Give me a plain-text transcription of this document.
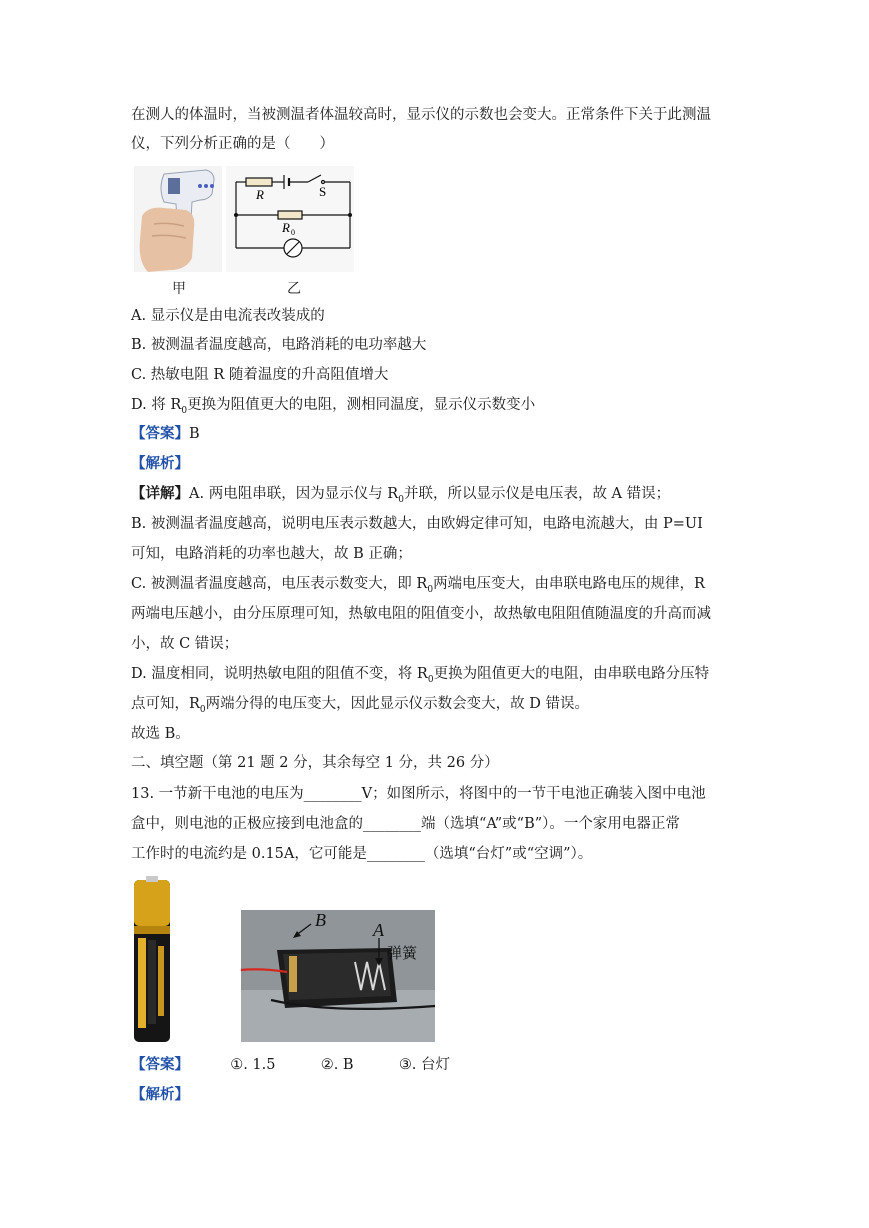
在测人的体温时，当被测温者体温较高时，显示仪的示数也会变大。正常条件下关于此测温
仪，下列分析正确的是（　　）
甲
R	S
R 0
乙
A. 显示仪是由电流表改装成的
B. 被测温者温度越高，电路消耗的电功率越大
C. 热敏电阻 R 随着温度的升高阻值增大
D. 将 $R_0$更换为阻值更大的电阻，测相同温度，显示仪示数变小
【答案】B
【解析】
【详解】A. 两电阻串联，因为显示仪与 $R_0$并联，所以显示仪是电压表，故 A 错误；
B. 被测温者温度越高，说明电压表示数越大，由欧姆定律可知，电路电流越大，由 P=UI
可知，电路消耗的功率也越大，故 B 正确；
C. 被测温者温度越高，电压表示数变大，即 $R_0$两端电压变大，由串联电路电压的规律，R
两端电压越小，由分压原理可知，热敏电阻的阻值变小，故热敏电阻阻值随温度的升高而减
小，故 C 错误；
D. 温度相同，说明热敏电阻的阻值不变，将 $R_0$更换为阻值更大的电阻，由串联电路分压特
点可知，$R_0$两端分得的电压变大，因此显示仪示数会变大，故 D 错误。
故选 B。
二、填空题（第 21 题 2 分，其余每空 1 分，共 26 分）
13. 一节新干电池的电压为________V；如图所示，将图中的一节干电池正确装入图中电池
盒中，则电池的正极应接到电池盒的________端（选填“A”或“B”）。一个家用电器正常
工作时的电流约是 0.15A，它可能是________（选填“台灯”或“空调”）。
B	A
弹簧
【答案】	①. 1.5	②. B	③. 台灯
【解析】
